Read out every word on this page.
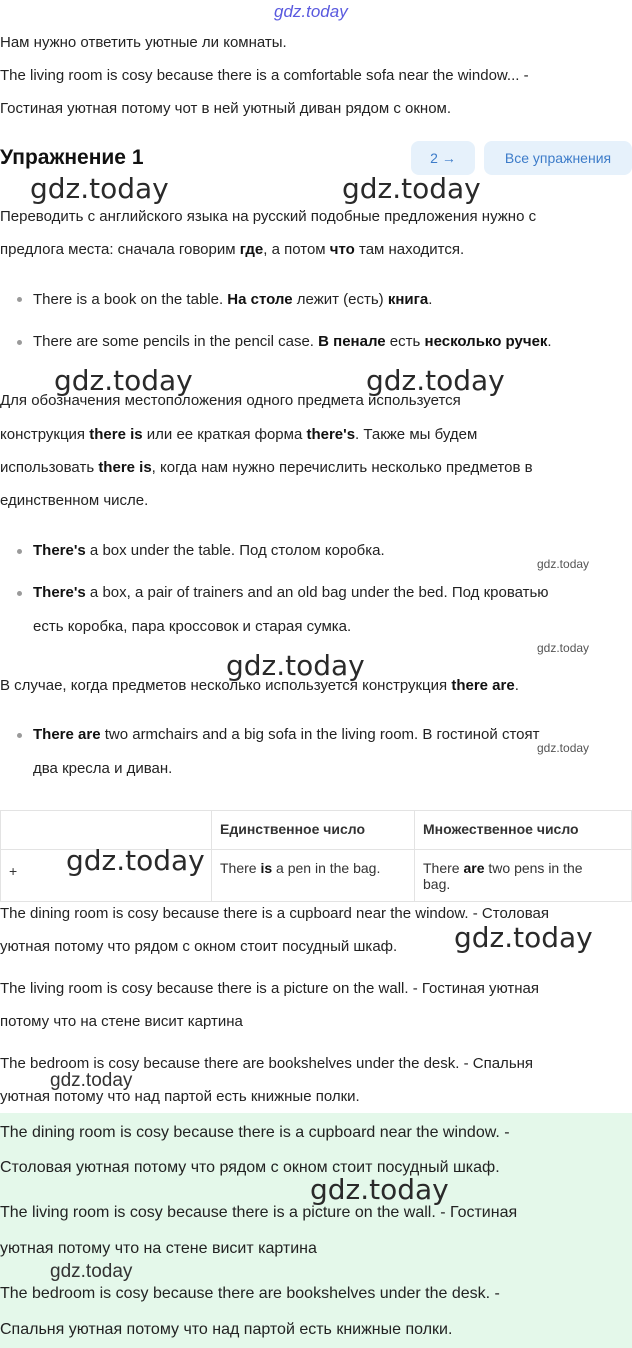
gdz.today
Нам нужно ответить уютные ли комнаты.
The living room is cosy because there is a comfortable sofa near the window... -
Гостиная уютная потому чот в ней уютный диван рядом с окном.
Упражнение 1	2 →	Все упражнения
gdz.today	gdz.today
Переводить с английского языка на русский подобные предложения нужно с
предлога места: сначала говорим где, а потом что там находится.
There is a book on the table. На столе лежит (есть) книга.
There are some pencils in the pencil case. В пенале есть несколько ручек.
Для обозначения местоположения одного предмета используется
gdz.today	gdz.today
конструкция there is или ее краткая форма there's. Также мы будем
использовать there is, когда нам нужно перечислить несколько предметов в
единственном числе.
There's a box under the table. Под столом коробка.
gdz.today
There's a box, a pair of trainers and an old bag under the bed. Под кроватью
есть коробка, пара кроссовок и старая сумка.
gdz.today
gdz.today
В случае, когда предметов несколько используется конструкция there are.
There are two armchairs and a big sofa in the living room. В гостиной стоят
gdz.today
два кресла и диван.
	Единственное число	Множественное число
+	There is a pen in the bag.	There are two pens in the
bag.
gdz.today
The dining room is cosy because there is a cupboard near the window. - Столовая
уютная потому что рядом с окном стоит посудный шкаф. gdz.today
The living room is cosy because there is a picture on the wall. - Гостиная уютная
потому что на стене висит картина
The bedroom is cosy because there are bookshelves under the desk. - Спальня
gdz.today
уютная потому что над партой есть книжные полки.
The dining room is cosy because there is a cupboard near the window. -
Столовая уютная потому что рядом с окном стоит посудный шкаф.
gdz.today
The living room is cosy because there is a picture on the wall. - Гостиная
уютная потому что на стене висит картина
gdz.today
The bedroom is cosy because there are bookshelves under the desk. -
Спальня уютная потому что над партой есть книжные полки.
